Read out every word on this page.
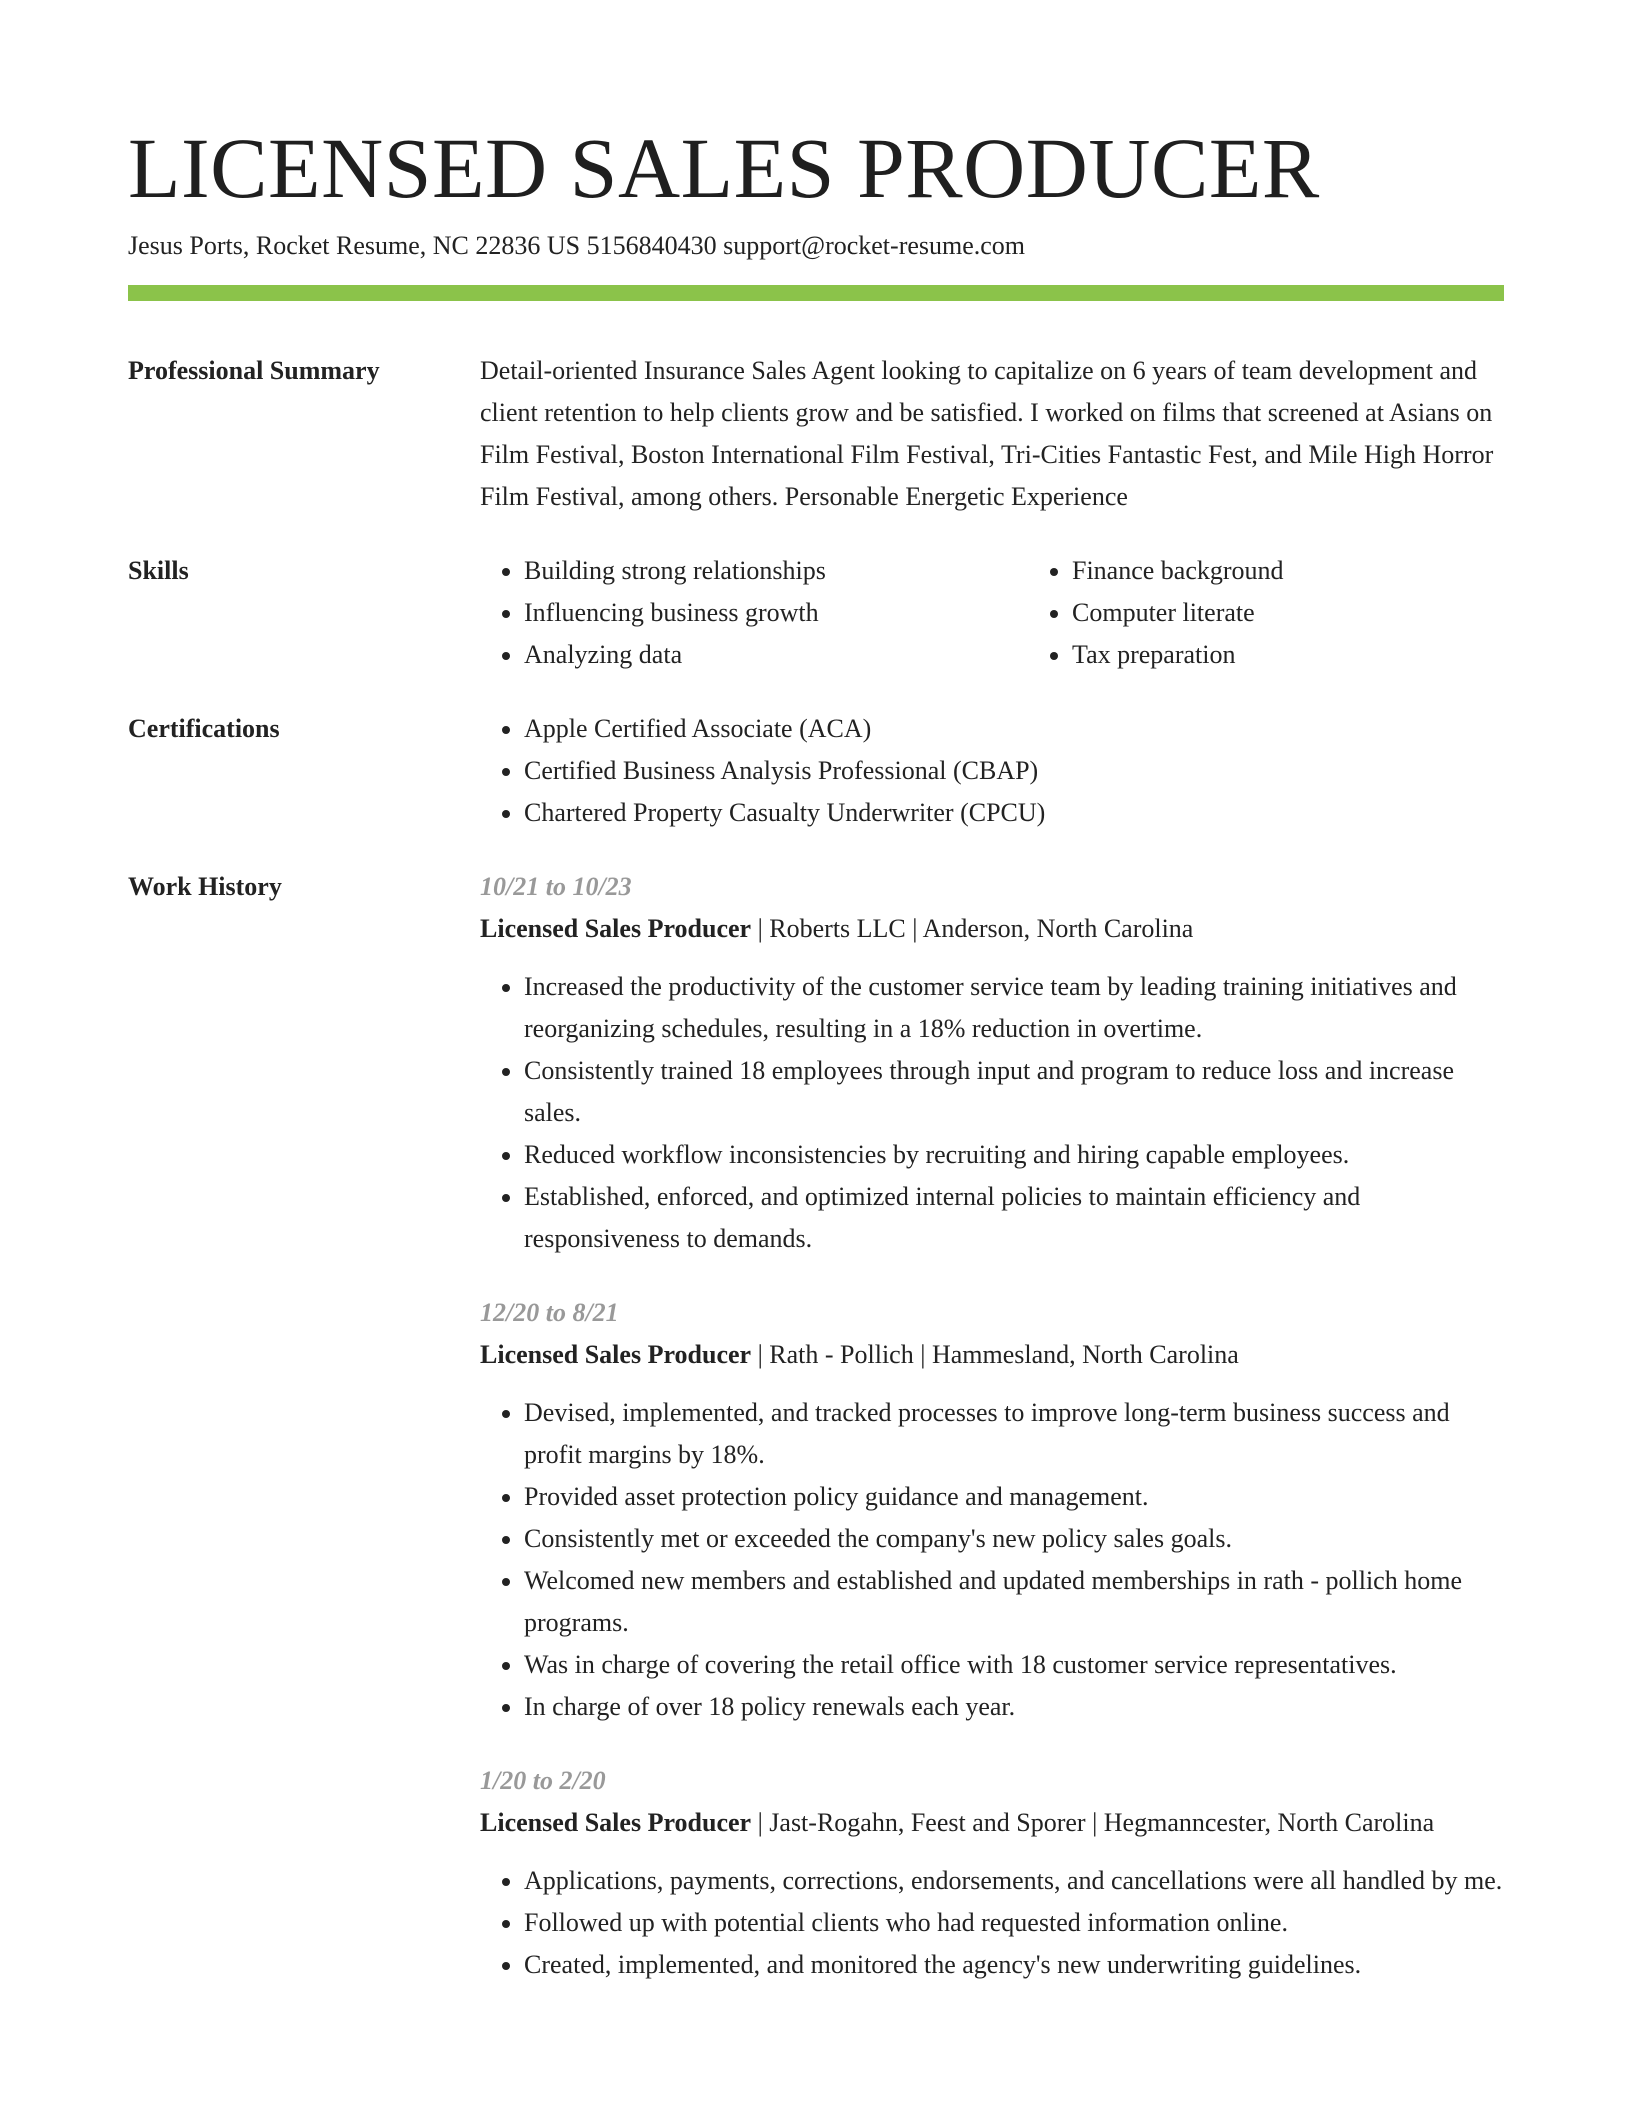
LICENSED SALES PRODUCER
Jesus Ports, Rocket Resume, NC 22836 US 5156840430 support@rocket-resume.com
Professional Summary	Detail-oriented Insurance Sales Agent looking to capitalize on 6 years of team development and client retention to help clients grow and be satisfied. I worked on films that screened at Asians on Film Festival, Boston International Film Festival, Tri-Cities Fantastic Fest, and Mile High Horror Film Festival, among others. Personable Energetic Experience

Skills	• Building strong relationships
• Influencing business growth
• Analyzing data
• Finance background
• Computer literate
• Tax preparation
Certifications	• Apple Certified Associate (ACA)
• Certified Business Analysis Professional (CBAP)
• Chartered Property Casualty Underwriter (CPCU)
Work History	10/21 to 10/23
Licensed Sales Producer | Roberts LLC | Anderson, North Carolina
• Increased the productivity of the customer service team by leading training initiatives and reorganizing schedules, resulting in a 18% reduction in overtime.
• Consistently trained 18 employees through input and program to reduce loss and increase sales.
• Reduced workflow inconsistencies by recruiting and hiring capable employees.
• Established, enforced, and optimized internal policies to maintain efficiency and responsiveness to demands.
12/20 to 8/21
Licensed Sales Producer | Rath - Pollich | Hammesland, North Carolina
• Devised, implemented, and tracked processes to improve long-term business success and profit margins by 18%.
• Provided asset protection policy guidance and management.
• Consistently met or exceeded the company's new policy sales goals.
• Welcomed new members and established and updated memberships in rath - pollich home programs.
• Was in charge of covering the retail office with 18 customer service representatives.
• In charge of over 18 policy renewals each year.
1/20 to 2/20
Licensed Sales Producer | Jast-Rogahn, Feest and Sporer | Hegmanncester, North Carolina
• Applications, payments, corrections, endorsements, and cancellations were all handled by me.
• Followed up with potential clients who had requested information online.
• Created, implemented, and monitored the agency's new underwriting guidelines.
